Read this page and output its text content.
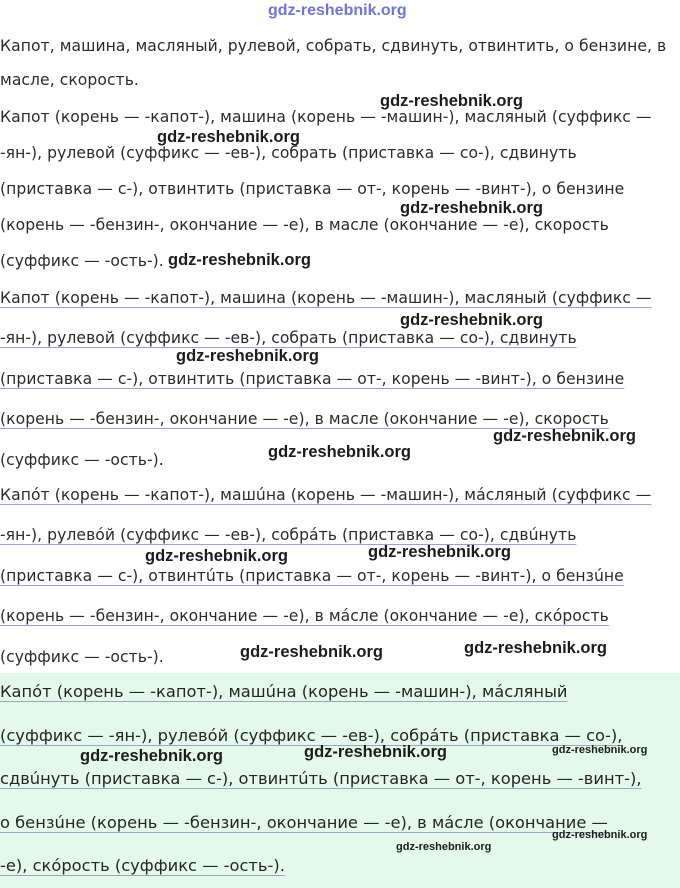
gdz-reshebnik.org
Капот, машина, масляный, рулевой, собрать, сдвинуть, отвинтить, о бензине, в
масле, скорость.
Капот (корень — -капот-), машина (корень — -машин-), масляный (суффикс —
-ян-), рулевой (суффикс — -ев-), собрать (приставка — со-), сдвинуть
(приставка — с-), отвинтить (приставка — от-, корень — -винт-), о бензине
(корень — -бензин-, окончание — -е), в масле (окончание — -е), скорость
(суффикс — -ость-).
gdz-reshebnik.org
gdz-reshebnik.org
gdz-reshebnik.org
gdz-reshebnik.org
Кaпот (корень — -капот-), мaшина (корень — -машин-), масляный (суффикс —
-ян-), рулeвой (суффикс — -ев-), собрать (приставка — со-), сдвинуть
(приставка — с-), отвинтить (приставка — от-, корень — -винт-), о бензине
(корень — -бензин-, окончание — -е), в масле (окончание — -е), скорость
(суффикс — -ость-).
gdz-reshebnik.org
gdz-reshebnik.org
gdz-reshebnik.org
gdz-reshebnik.org
Кaпóт (корень — -капот-), мaшúна (корень — -машин-), мáсляный (суффикс —
-ян-), рулeвóй (суффикс — -ев-), собрáть (приставка — со-), сдвúнуть
(приставка — с-), отвинтúть (приставка — от-, корень — -винт-), о бензúне
(корень — -бензин-, окончание — -е), в мáсле (окончание — -е), скóрость
(суффикс — -ость-).
gdz-reshebnik.org	gdz-reshebnik.org
gdz-reshebnik.org	gdz-reshebnik.org
Кaпóт (корень — -капот-), мaшúна (корень — -машин-), мáсляный
(суффикс — -ян-), рулeвóй (суффикс — -ев-), собрáть (приставка — со-),
сдвúнуть (приставка — с-), отвинтúть (приставка — от-, корень — -винт-),
о бензúне (корень — -бензин-, окончание — -е), в мáсле (окончание —
-е), скóрость (суффикс — -ость-).
gdz-reshebnik.org	gdz-reshebnik.org	gdz-reshebnik.org
gdz-reshebnik.org
gdz-reshebnik.org
